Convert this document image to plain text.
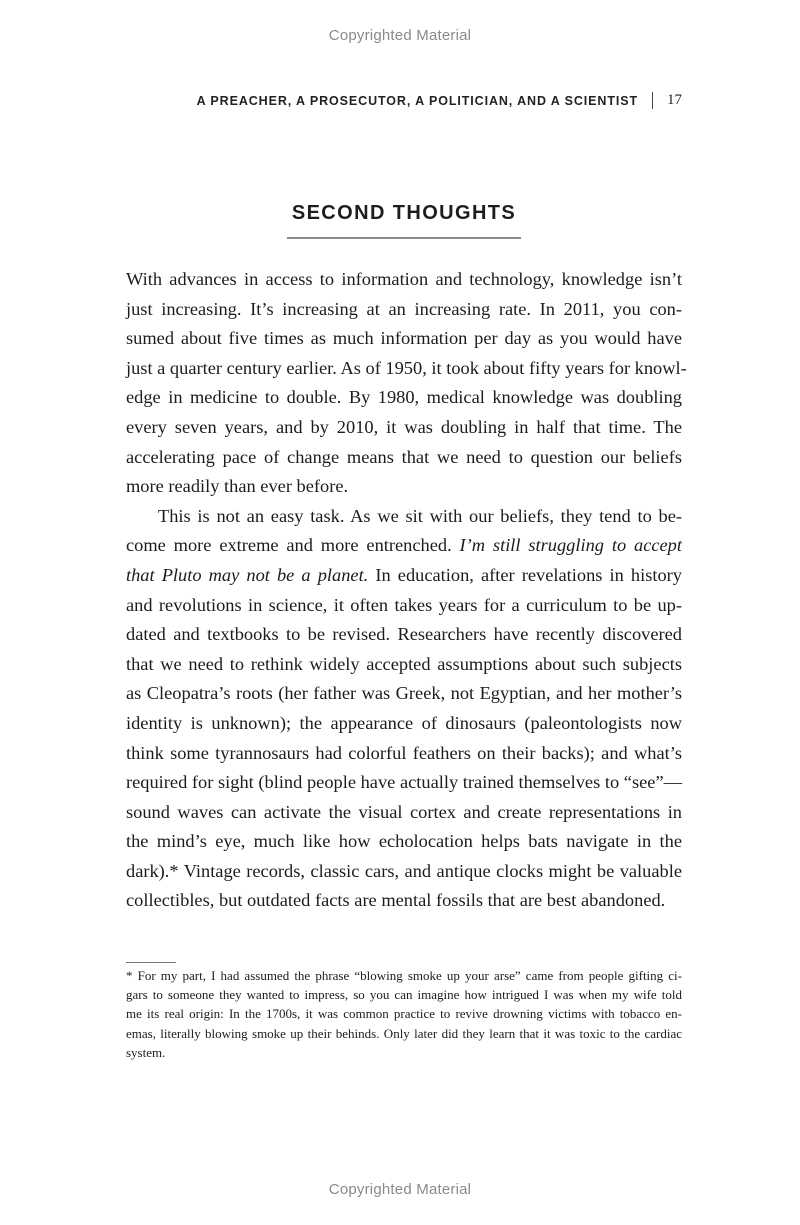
Copyrighted Material
A PREACHER, A PROSECUTOR, A POLITICIAN, AND A SCIENTIST 17
SECOND THOUGHTS
With advances in access to information and technology, knowledge isn’t
just increasing. It’s increasing at an increasing rate. In 2011, you con-
sumed about five times as much information per day as you would have
just a quarter century earlier. As of 1950, it took about fifty years for knowl-
edge in medicine to double. By 1980, medical knowledge was doubling
every seven years, and by 2010, it was doubling in half that time. The
accelerating pace of change means that we need to question our beliefs
more readily than ever before.
This is not an easy task. As we sit with our beliefs, they tend to be-
come more extreme and more entrenched. I’m still struggling to accept
that Pluto may not be a planet. In education, after revelations in history
and revolutions in science, it often takes years for a curriculum to be up-
dated and textbooks to be revised. Researchers have recently discovered
that we need to rethink widely accepted assumptions about such subjects
as Cleopatra’s roots (her father was Greek, not Egyptian, and her mother’s
identity is unknown); the appearance of dinosaurs (paleontologists now
think some tyrannosaurs had colorful feathers on their backs); and what’s
required for sight (blind people have actually trained themselves to “see”—
sound waves can activate the visual cortex and create representations in
the mind’s eye, much like how echolocation helps bats navigate in the
dark).* Vintage records, classic cars, and antique clocks might be valuable
collectibles, but outdated facts are mental fossils that are best abandoned.
* For my part, I had assumed the phrase “blowing smoke up your arse” came from people gifting ci-
gars to someone they wanted to impress, so you can imagine how intrigued I was when my wife told
me its real origin: In the 1700s, it was common practice to revive drowning victims with tobacco en-
emas, literally blowing smoke up their behinds. Only later did they learn that it was toxic to the cardiac
system.
Copyrighted Material
